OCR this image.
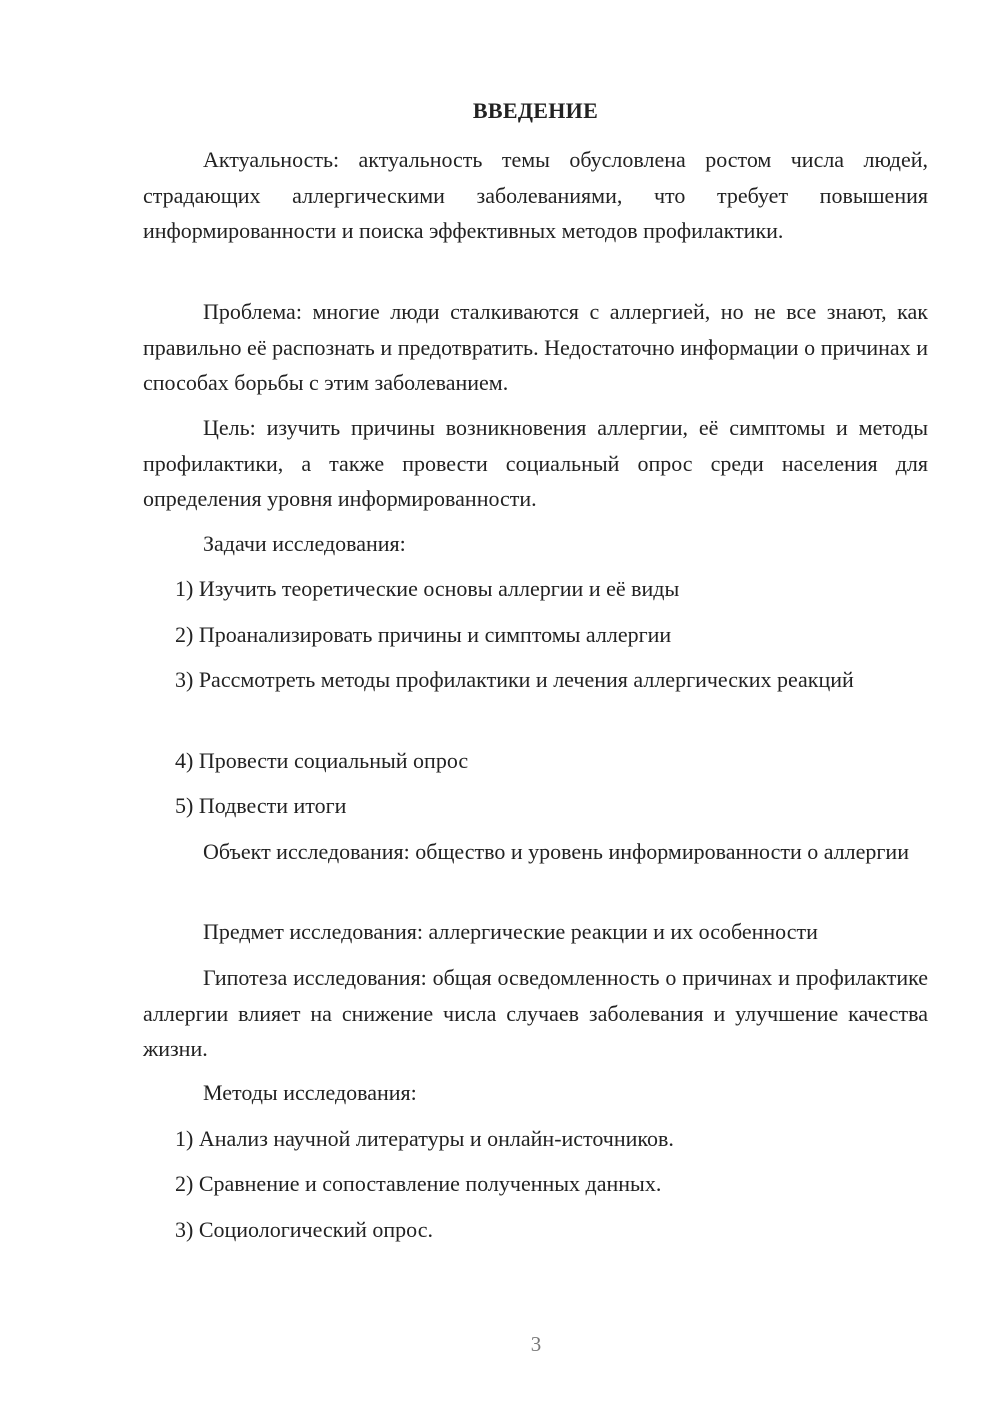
ВВЕДЕНИЕ

Актуальность: актуальность темы обусловлена ростом числа людей, страдающих аллергическими заболеваниями, что требует повышения информированности и поиска эффективных методов профилактики.

Проблема: многие люди сталкиваются с аллергией, но не все знают, как правильно её распознать и предотвратить. Недостаточно информации о причинах и способах борьбы с этим заболеванием.

Цель: изучить причины возникновения аллергии, её симптомы и методы профилактики, а также провести социальный опрос среди населения для определения уровня информированности.

Задачи исследования:

1) Изучить теоретические основы аллергии и её виды

2) Проанализировать причины и симптомы аллергии

3) Рассмотреть методы профилактики и лечения аллергических реакций

4) Провести социальный опрос

5) Подвести итоги

Объект исследования: общество и уровень информированности о аллергии

Предмет исследования: аллергические реакции и их особенности

Гипотеза исследования: общая осведомленность о причинах и профилактике аллергии влияет на снижение числа случаев заболевания и улучшение качества жизни.

Методы исследования:

1) Анализ научной литературы и онлайн-источников.

2) Сравнение и сопоставление полученных данных.

3) Социологический опрос.

3
